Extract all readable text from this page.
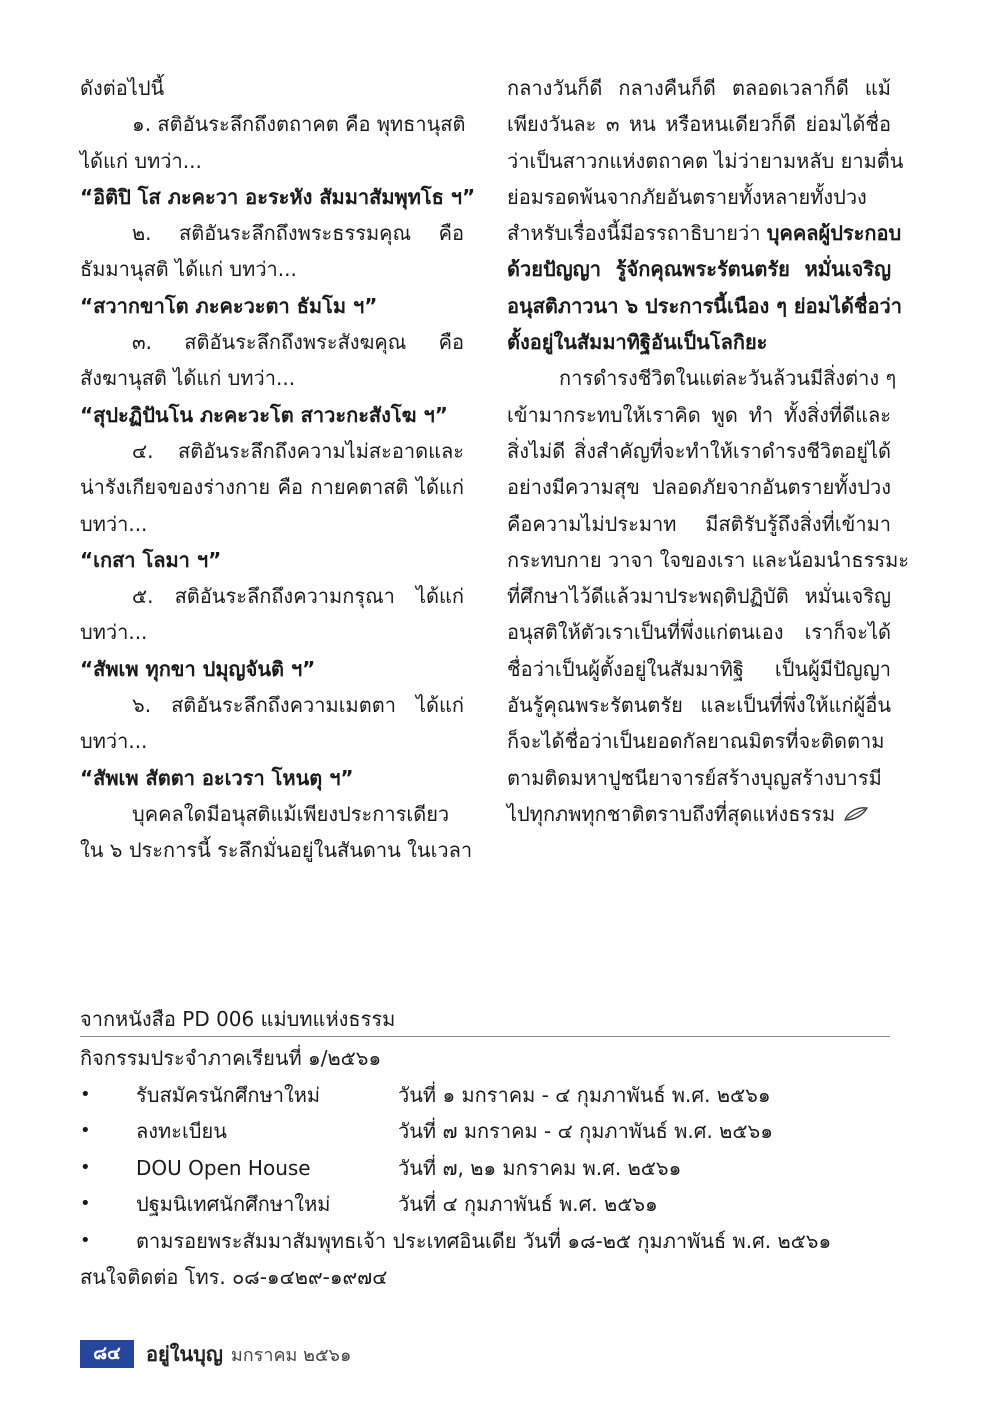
ดังต่อไปนี้
๑. สติอันระลึกถึงตถาคต คือ พุทธานุสติ
ได้แก่ บทว่า...
“อิติปิ โส ภะคะวา อะระหัง สัมมาสัมพุทโธ ฯ”
๒. สติอันระลึกถึงพระธรรมคุณ คือ
ธัมมานุสติ ได้แก่ บทว่า...
“สวากขาโต ภะคะวะตา ธัมโม ฯ”
๓. สติอันระลึกถึงพระสังฆคุณ คือ
สังฆานุสติ ได้แก่ บทว่า...
“สุปะฏิปันโน ภะคะวะโต สาวะกะสังโฆ ฯ”
๔. สติอันระลึกถึงความไม่สะอาดและ
น่ารังเกียจของร่างกาย คือ กายคตาสติ ได้แก่
บทว่า...
“เกสา โลมา ฯ”
๕. สติอันระลึกถึงความกรุณา ได้แก่
บทว่า...
“สัพเพ ทุกขา ปมุญจันติ ฯ”
๖. สติอันระลึกถึงความเมตตา ได้แก่
บทว่า...
“สัพเพ สัตตา อะเวรา โหนตุ ฯ”
บุคคลใดมีอนุสติแม้เพียงประการเดียว
ใน ๖ ประการนี้ ระลึกมั่นอยู่ในสันดาน ในเวลา
กลางวันก็ดี กลางคืนก็ดี ตลอดเวลาก็ดี แม้
เพียงวันละ ๓ หน หรือหนเดียวก็ดี ย่อมได้ชื่อ
ว่าเป็นสาวกแห่งตถาคต ไม่ว่ายามหลับ ยามตื่น
ย่อมรอดพ้นจากภัยอันตรายทั้งหลายทั้งปวง
สำหรับเรื่องนี้มีอรรถาธิบายว่า บุคคลผู้ประกอบ
ด้วยปัญญา รู้จักคุณพระรัตนตรัย หมั่นเจริญ
อนุสติภาวนา ๖ ประการนี้เนือง ๆ ย่อมได้ชื่อว่า
ตั้งอยู่ในสัมมาทิฐิอันเป็นโลกิยะ
การดำรงชีวิตในแต่ละวันล้วนมีสิ่งต่าง ๆ
เข้ามากระทบให้เราคิด พูด ทำ ทั้งสิ่งที่ดีและ
สิ่งไม่ดี สิ่งสำคัญที่จะทำให้เราดำรงชีวิตอยู่ได้
อย่างมีความสุข ปลอดภัยจากอันตรายทั้งปวง
คือความไม่ประมาท มีสติรับรู้ถึงสิ่งที่เข้ามา
กระทบกาย วาจา ใจของเรา และน้อมนำธรรมะ
ที่ศึกษาไว้ดีแล้วมาประพฤติปฏิบัติ หมั่นเจริญ
อนุสติให้ตัวเราเป็นที่พึ่งแก่ตนเอง เราก็จะได้
ชื่อว่าเป็นผู้ตั้งอยู่ในสัมมาทิฐิ เป็นผู้มีปัญญา
อันรู้คุณพระรัตนตรัย และเป็นที่พึ่งให้แก่ผู้อื่น
ก็จะได้ชื่อว่าเป็นยอดกัลยาณมิตรที่จะติดตาม
ตามติดมหาปูชนียาจารย์สร้างบุญสร้างบารมี
ไปทุกภพทุกชาติตราบถึงที่สุดแห่งธรรม
จากหนังสือ PD 006 แม่บทแห่งธรรม
กิจกรรมประจำภาคเรียนที่ ๑/๒๕๖๑
• รับสมัครนักศึกษาใหม่	วันที่ ๑ มกราคม - ๔ กุมภาพันธ์ พ.ศ. ๒๕๖๑
• ลงทะเบียน	วันที่ ๗ มกราคม - ๔ กุมภาพันธ์ พ.ศ. ๒๕๖๑
• DOU Open House	วันที่ ๗, ๒๑ มกราคม พ.ศ. ๒๕๖๑
• ปฐมนิเทศนักศึกษาใหม่	วันที่ ๔ กุมภาพันธ์ พ.ศ. ๒๕๖๑
• ตามรอยพระสัมมาสัมพุทธเจ้า ประเทศอินเดีย วันที่ ๑๘-๒๕ กุมภาพันธ์ พ.ศ. ๒๕๖๑
สนใจติดต่อ โทร. ๐๘-๑๔๒๙-๑๙๗๔
๘๔	อยู่ในบุญ มกราคม ๒๕๖๑
